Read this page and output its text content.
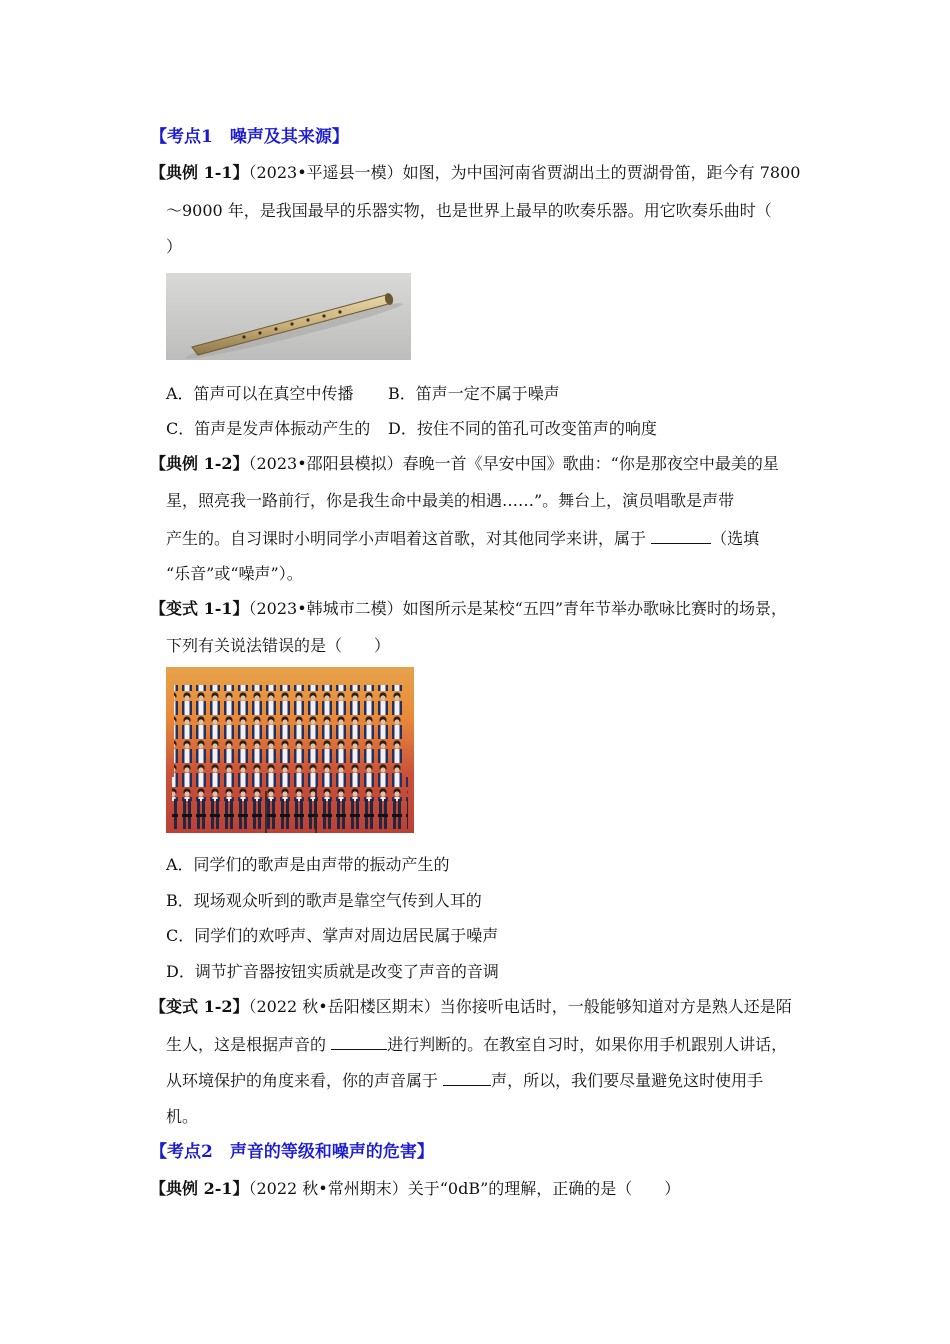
【考点1　噪声及其来源】
【典例 1-1】（2023•平遥县一模）如图，为中国河南省贾湖出土的贾湖骨笛，距今有 7800
～9000 年，是我国最早的乐器实物，也是世界上最早的吹奏乐器。用它吹奏乐曲时（
）
A．笛声可以在真空中传播 B．笛声一定不属于噪声
C．笛声是发声体振动产生的 D．按住不同的笛孔可改变笛声的响度
【典例 1-2】（2023•邵阳县模拟）春晚一首《早安中国》歌曲：“你是那夜空中最美的星
星，照亮我一路前行，你是我生命中最美的相遇……”。舞台上，演员唱歌是声带
产生的。自习课时小明同学小声唱着这首歌，对其他同学来讲，属于	（选填
“乐音”或“噪声”）。
【变式 1-1】（2023•韩城市二模）如图所示是某校“五四”青年节举办歌咏比赛时的场景，
下列有关说法错误的是（　　）
A．同学们的歌声是由声带的振动产生的
B．现场观众听到的歌声是靠空气传到人耳的
C．同学们的欢呼声、掌声对周边居民属于噪声
D．调节扩音器按钮实质就是改变了声音的音调
【变式 1-2】（2022 秋•岳阳楼区期末）当你接听电话时，一般能够知道对方是熟人还是陌
生人，这是根据声音的	进行判断的。在教室自习时，如果你用手机跟别人讲话，
从环境保护的角度来看，你的声音属于	声，所以，我们要尽量避免这时使用手
机。
【考点2　声音的等级和噪声的危害】
【典例 2-1】（2022 秋•常州期末）关于“0dB”的理解，正确的是（　　）
